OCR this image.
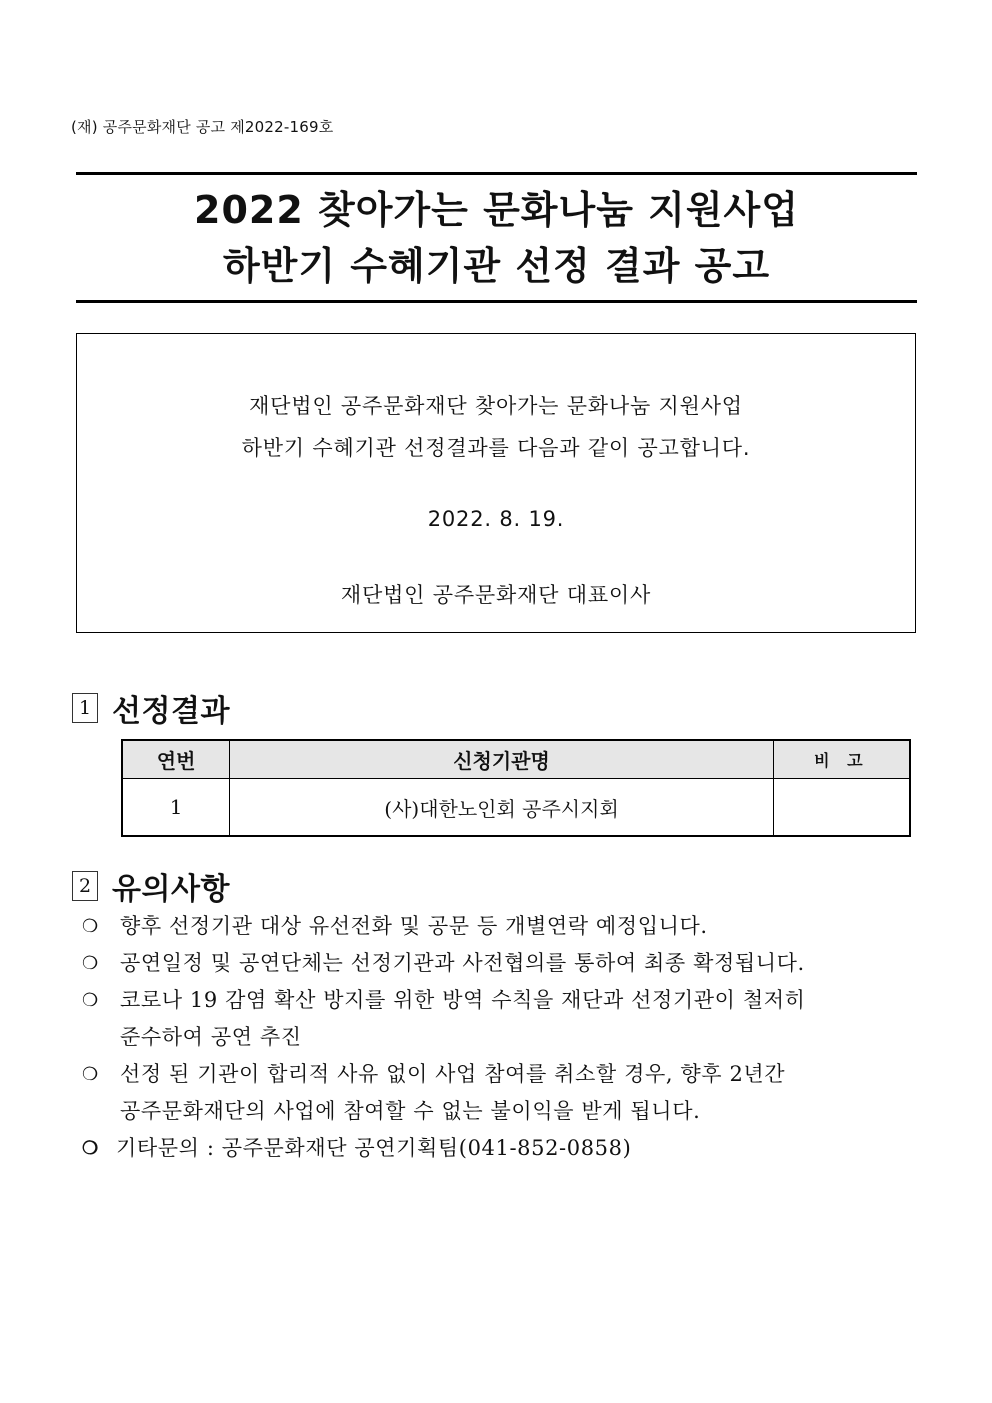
(재) 공주문화재단 공고 제2022-169호
2022 찾아가는 문화나눔 지원사업
하반기 수혜기관 선정 결과 공고
재단법인 공주문화재단 찾아가는 문화나눔 지원사업
하반기 수혜기관 선정결과를 다음과 같이 공고합니다.
2022. 8. 19.
재단법인 공주문화재단 대표이사
1 선정결과
연번	신청기관명	비 고
1	(사)대한노인회 공주시지회	
2 유의사항
❍	향후 선정기관 대상 유선전화 및 공문 등 개별연락 예정입니다.
❍	공연일정 및 공연단체는 선정기관과 사전협의를 통하여 최종 확정됩니다.
❍	코로나 19 감염 확산 방지를 위한 방역 수칙을 재단과 선정기관이 철저히
준수하여 공연 추진
❍	선정 된 기관이 합리적 사유 없이 사업 참여를 취소할 경우, 향후 2년간
공주문화재단의 사업에 참여할 수 없는 불이익을 받게 됩니다.
❍ 기타문의 : 공주문화재단 공연기획팀(041-852-0858)
